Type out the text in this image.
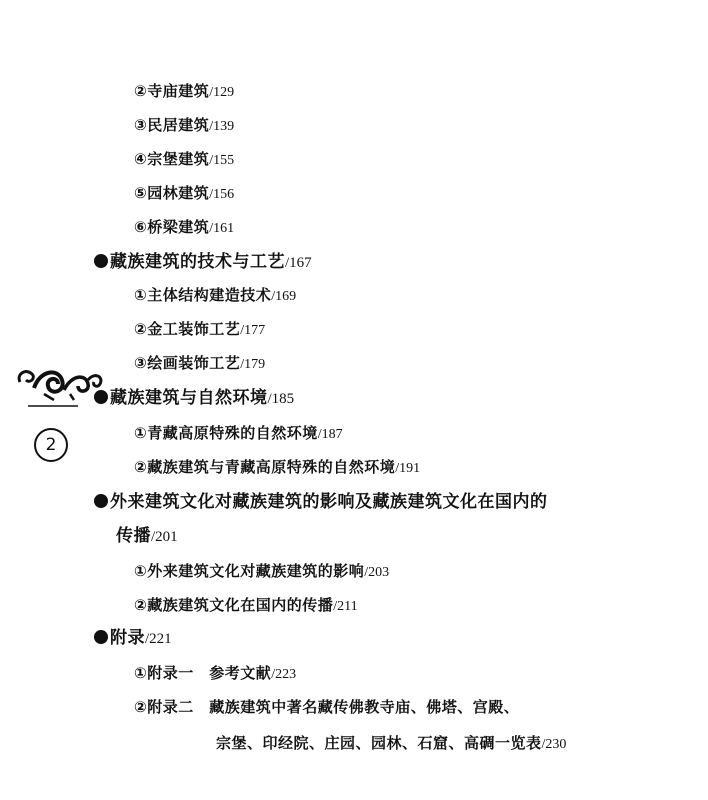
2
②寺庙建筑/129
③民居建筑/139
④宗堡建筑/155
⑤园林建筑/156
⑥桥梁建筑/161
藏族建筑的技术与工艺/167
①主体结构建造技术/169
②金工装饰工艺/177
③绘画装饰工艺/179
藏族建筑与自然环境/185
①青藏高原特殊的自然环境/187
②藏族建筑与青藏高原特殊的自然环境/191
外来建筑文化对藏族建筑的影响及藏族建筑文化在国内的
传播/201
①外来建筑文化对藏族建筑的影响/203
②藏族建筑文化在国内的传播/211
附录/221
①附录一　参考文献/223
②附录二　藏族建筑中著名藏传佛教寺庙、佛塔、宫殿、
宗堡、印经院、庄园、园林、石窟、高碉一览表/230
